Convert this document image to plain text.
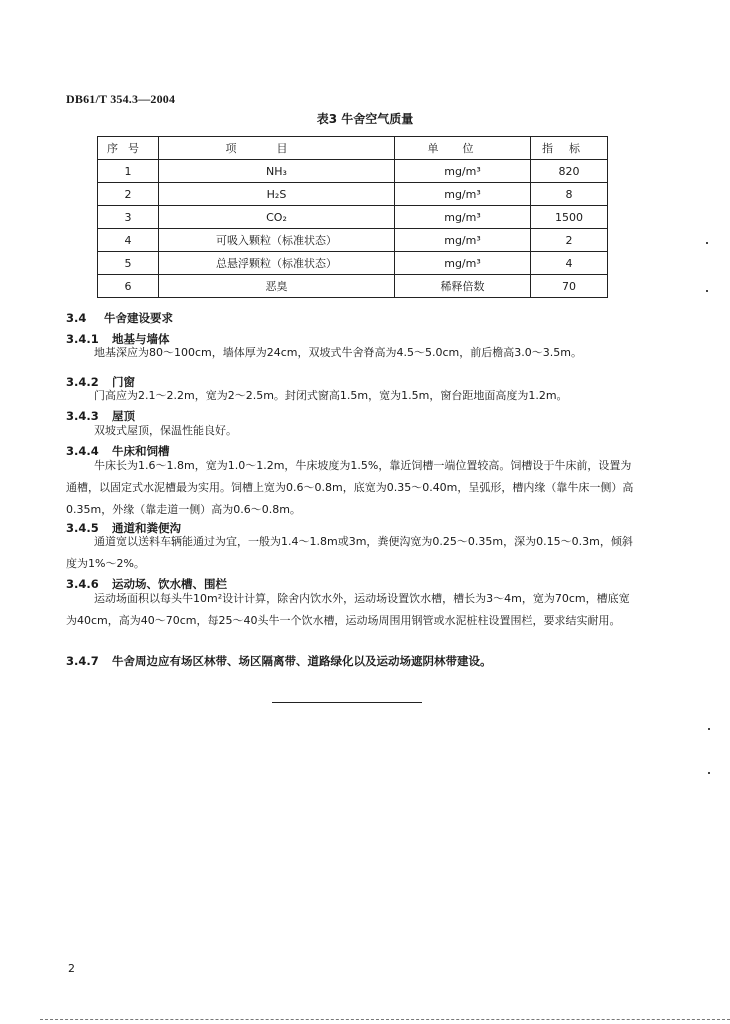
DB61/T 354.3—2004
表3 牛舍空气质量
序号	项目	单位	指标
1	NH₃	mg/m³	820
2	H₂S	mg/m³	8
3	CO₂	mg/m³	1500
4	可吸入颗粒（标准状态）	mg/m³	2
5	总悬浮颗粒（标准状态）	mg/m³	4
6	恶臭	稀释倍数	70
3.4 牛舍建设要求
3.4.1 地基与墙体

地基深应为80～100cm，墙体厚为24cm，双坡式牛舍脊高为4.5～5.0cm，前后檐高3.0～3.5m。

3.4.2 门窗

门高应为2.1～2.2m，宽为2～2.5m。封闭式窗高1.5m，宽为1.5m，窗台距地面高度为1.2m。

3.4.3 屋顶

双坡式屋顶，保温性能良好。

3.4.4 牛床和饲槽

牛床长为1.6～1.8m，宽为1.0～1.2m，牛床坡度为1.5%，靠近饲槽一端位置较高。饲槽设于牛床前，设置为通槽，以固定式水泥槽最为实用。饲槽上宽为0.6～0.8m，底宽为0.35～0.40m，呈弧形，槽内缘（靠牛床一侧）高0.35m，外缘（靠走道一侧）高为0.6～0.8m。

3.4.5 通道和粪便沟

通道宽以送料车辆能通过为宜，一般为1.4～1.8m或3m，粪便沟宽为0.25～0.35m，深为0.15～0.3m，倾斜度为1%～2%。

3.4.6 运动场、饮水槽、围栏

运动场面积以每头牛10m²设计计算，除舍内饮水外，运动场设置饮水槽，槽长为3～4m，宽为70cm，槽底宽为40cm，高为40～70cm，每25～40头牛一个饮水槽，运动场周围用钢管或水泥桩柱设置围栏，要求结实耐用。

3.4.7 牛舍周边应有场区林带、场区隔离带、道路绿化以及运动场遮阴林带建设。
2
